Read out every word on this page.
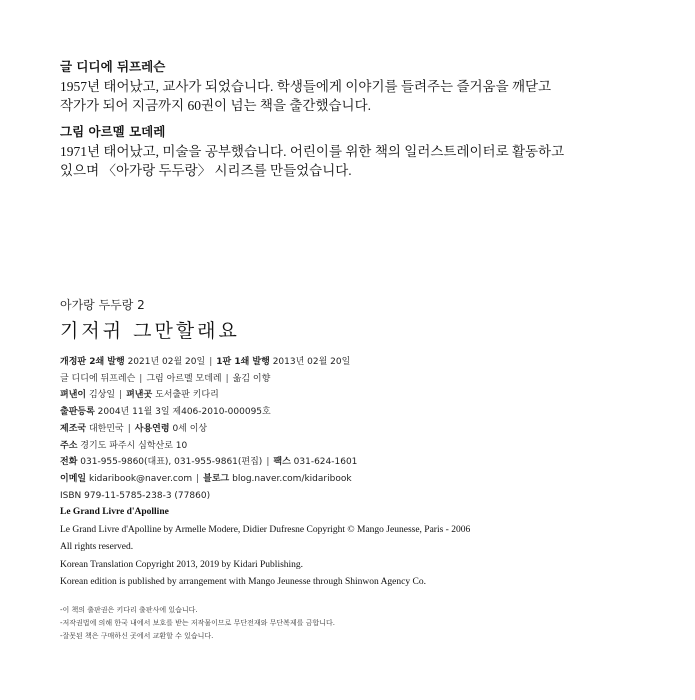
글 디디에 뒤프레슨
1957년 태어났고, 교사가 되었습니다. 학생들에게 이야기를 들려주는 즐거움을 깨닫고
작가가 되어 지금까지 60권이 넘는 책을 출간했습니다.
그림 아르멜 모데레
1971년 태어났고, 미술을 공부했습니다. 어린이를 위한 책의 일러스트레이터로 활동하고
있으며 〈아가랑 두두랑〉 시리즈를 만들었습니다.
아가랑 두두랑 2
기저귀 그만할래요
개정판 2쇄 발행 2021년 02월 20일 | 1판 1쇄 발행 2013년 02월 20일
글 디디에 뒤프레슨 | 그림 아르멜 모데레 | 옮김 이향
펴낸이 김상일 | 펴낸곳 도서출판 키다리
출판등록 2004년 11월 3일 제406-2010-000095호
제조국 대한민국 | 사용연령 0세 이상
주소 경기도 파주시 심학산로 10
전화 031-955-9860(대표), 031-955-9861(편집) | 팩스 031-624-1601
이메일 kidaribook@naver.com | 블로그 blog.naver.com/kidaribook
ISBN 979-11-5785-238-3 (77860)
Le Grand Livre d'Apolline
Le Grand Livre d'Apolline by Armelle Modere, Didier Dufresne Copyright © Mango Jeunesse, Paris - 2006
All rights reserved.
Korean Translation Copyright 2013, 2019 by Kidari Publishing.
Korean edition is published by arrangement with Mango Jeunesse through Shinwon Agency Co.
-이 책의 출판권은 키다리 출판사에 있습니다.
-저작권법에 의해 한국 내에서 보호를 받는 저작물이므로 무단전재와 무단복제를 금합니다.
-잘못된 책은 구매하신 곳에서 교환할 수 있습니다.
